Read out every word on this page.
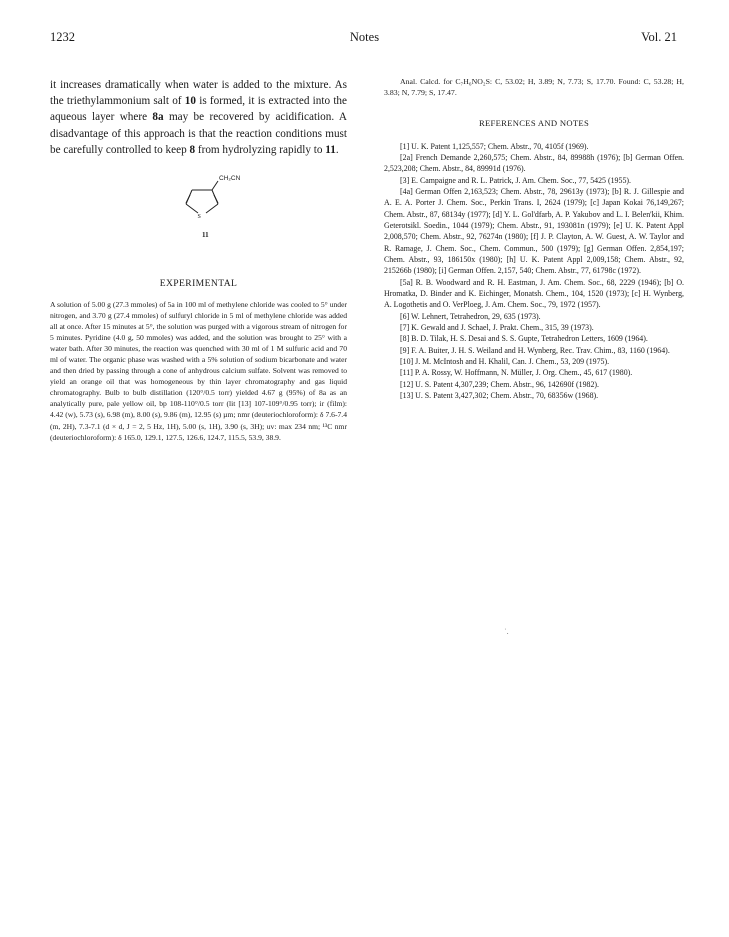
1232	Notes	Vol. 21

it increases dramatically when water is added to the mixture. As the triethylammonium salt of 10 is formed, it is extracted into the aqueous layer where 8a may be recovered by acidification. A disadvantage of this approach is that the reaction conditions must be carefully controlled to keep 8 from hydrolyzing rapidly to 11.

S
CH₂CN
11
EXPERIMENTAL

A solution of 5.00 g (27.3 mmoles) of 5a in 100 ml of methylene chloride was cooled to 5° under nitrogen, and 3.70 g (27.4 mmoles) of sulfuryl chloride in 5 ml of methylene chloride was added all at once. After 15 minutes at 5°, the solution was purged with a vigorous stream of nitrogen for 5 minutes. Pyridine (4.0 g, 50 mmoles) was added, and the solution was brought to 25° with a water bath. After 30 minutes, the reaction was quenched with 30 ml of 1 M sulfuric acid and 70 ml of water. The organic phase was washed with a 5% solution of sodium bicarbonate and water and then dried by passing through a cone of anhydrous calcium sulfate. Solvent was removed to yield an orange oil that was homogeneous by thin layer chromatography and gas liquid chromatography. Bulb to bulb distillation (120°/0.5 torr) yielded 4.67 g (95%) of 8a as an analytically pure, pale yellow oil, bp 108-110°/0.5 torr (lit [13] 107-109°/0.95 torr); ir (film): 4.42 (w), 5.73 (s), 6.98 (m), 8.00 (s), 9.86 (m), 12.95 (s) µm; nmr (deuteriochloroform): δ 7.6-7.4 (m, 2H), 7.3-7.1 (d × d, J = 2, 5 Hz, 1H), 5.00 (s, 1H), 3.90 (s, 3H); uv: max 234 nm; ¹³C nmr (deuteriochloroform): δ 165.0, 129.1, 127.5, 126.6, 124.7, 115.5, 53.9, 38.9.

Anal. Calcd. for C₇H₆NO₂S: C, 53.02; H, 3.89; N, 7.73; S, 17.70. Found: C, 53.28; H, 3.83; N, 7.79; S, 17.47.

REFERENCES AND NOTES

[1] U. K. Patent 1,125,557; Chem. Abstr., 70, 4105f (1969).

[2a] French Demande 2,260,575; Chem. Abstr., 84, 89988h (1976); [b] German Offen. 2,523,208; Chem. Abstr., 84, 89991d (1976).

[3] E. Campaigne and R. L. Patrick, J. Am. Chem. Soc., 77, 5425 (1955).

[4a] German Offen 2,163,523; Chem. Abstr., 78, 29613y (1973); [b] R. J. Gillespie and A. E. A. Porter J. Chem. Soc., Perkin Trans. I, 2624 (1979); [c] Japan Kokai 76,149,267; Chem. Abstr., 87, 68134y (1977); [d] Y. L. Gol'dfarb, A. P. Yakubov and L. I. Belen'kii, Khim. Geterotsikl. Soedin., 1044 (1979); Chem. Abstr., 91, 193081n (1979); [e] U. K. Patent Appl 2,008,570; Chem. Abstr., 92, 76274n (1980); [f] J. P. Clayton, A. W. Guest, A. W. Taylor and R. Ramage, J. Chem. Soc., Chem. Commun., 500 (1979); [g] German Offen. 2,854,197; Chem. Abstr., 93, 186150x (1980); [h] U. K. Patent Appl 2,009,158; Chem. Abstr., 92, 215266b (1980); [i] German Offen. 2,157, 540; Chem. Abstr., 77, 61798c (1972).

[5a] R. B. Woodward and R. H. Eastman, J. Am. Chem. Soc., 68, 2229 (1946); [b] O. Hromatka, D. Binder and K. Eichinger, Monatsh. Chem., 104, 1520 (1973); [c] H. Wynberg, A. Logothetis and O. VerPloeg, J. Am. Chem. Soc., 79, 1972 (1957).

[6] W. Lehnert, Tetrahedron, 29, 635 (1973).

[7] K. Gewald and J. Schael, J. Prakt. Chem., 315, 39 (1973).

[8] B. D. Tilak, H. S. Desai and S. S. Gupte, Tetrahedron Letters, 1609 (1964).

[9] F. A. Buiter, J. H. S. Weiland and H. Wynberg, Rec. Trav. Chim., 83, 1160 (1964).

[10] J. M. McIntosh and H. Khalil, Can. J. Chem., 53, 209 (1975).

[11] P. A. Rossy, W. Hoffmann, N. Müller, J. Org. Chem., 45, 617 (1980).

[12] U. S. Patent 4,307,239; Chem. Abstr., 96, 142690f (1982).

[13] U. S. Patent 3,427,302; Chem. Abstr., 70, 68356w (1968).

˙.
